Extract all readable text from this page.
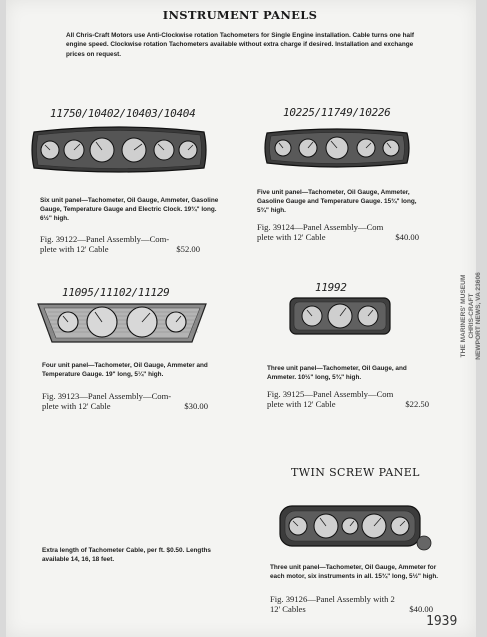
INSTRUMENT PANELS
All Chris-Craft Motors use Anti-Clockwise rotation Tachometers for Single Engine installation. Cable turns one half engine speed. Clockwise rotation Tachometers available without extra charge if desired. Installation and exchange prices on request.
11750/10402/10403/10404
Six unit panel—Tachometer, Oil Gauge, Ammeter, Gasoline Gauge, Temperature Gauge and Electric Clock. 19¾" long. 6½" high.
Fig. 39122—Panel Assembly—Com-
plete with 12' Cable	$52.00
10225/11749/10226
Five unit panel—Tachometer, Oil Gauge, Ammeter, Gasoline Gauge and Temperature Gauge. 15¾" long, 5¾" high.
Fig. 39124—Panel Assembly—Com
plete with 12' Cable	$40.00
11095/11102/11129
Four unit panel—Tachometer, Oil Gauge, Ammeter and Temperature Gauge. 19" long, 5¼" high.
Fig. 39123—Panel Assembly—Com-
plete with 12' Cable	$30.00
11992
Three unit panel—Tachometer, Oil Gauge, and Ammeter. 10½" long, 5¾" high.
Fig. 39125—Panel Assembly—Com
plete with 12' Cable	$22.50
TWIN SCREW PANEL
Three unit panel—Tachometer, Oil Gauge, Ammeter for each motor, six instruments in all. 15¾" long, 5½" high.
Fig. 39126—Panel Assembly with 2
12' Cables	$40.00
Extra length of Tachometer Cable, per ft. $0.50. Lengths available 14, 16, 18 feet.
THE MARINERS' MUSEUM CHRIS-CRAFT NEWPORT NEWS, VA 23606
1939
